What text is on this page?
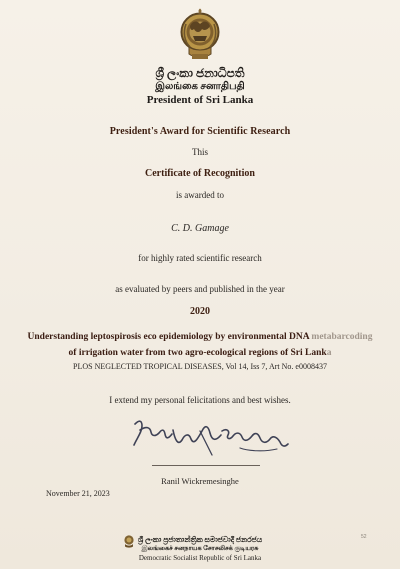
ශ්‍රී ලංකා ජනාධිපති
இலங்கை சனாதிபதி
President of Sri Lanka
President's Award for Scientific Research
This
Certificate of Recognition
is awarded to
C. D. Gamage
for highly rated scientific research
as evaluated by peers and published in the year
2020
Understanding leptospirosis eco epidemiology by environmental DNA metabarcoding
of irrigation water from two agro-ecological regions of Sri Lanka
PLOS NEGLECTED TROPICAL DISEASES, Vol 14, Iss 7, Art No. e0008437
I extend my personal felicitations and best wishes.
Ranil Wickremesinghe
November 21, 2023
ශ්‍රී ලංකා ප්‍රජාතාන්ත්‍රික සමාජවාදී ජනරජය
இலங்கைச் சனநாயக சோசலிசக் குடியரசு
Democratic Socialist Republic of Sri Lanka
52
